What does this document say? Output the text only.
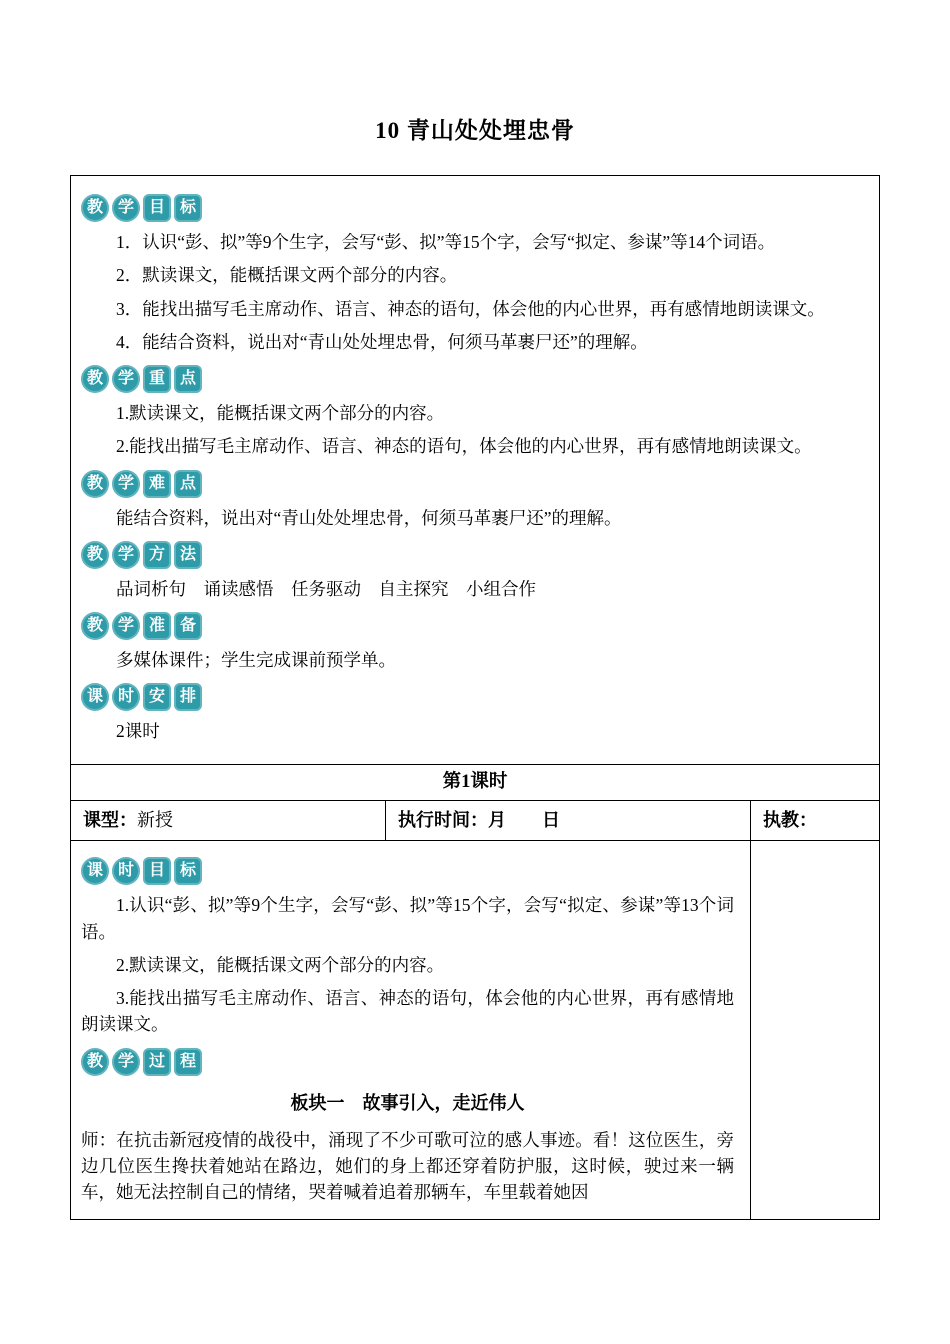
10 青山处处埋忠骨
教 学 目 标

1．认识“彭、拟”等9个生字，会写“彭、拟”等15个字，会写“拟定、参谋”等14个词语。

2．默读课文，能概括课文两个部分的内容。

3．能找出描写毛主席动作、语言、神态的语句，体会他的内心世界，再有感情地朗读课文。

4．能结合资料，说出对“青山处处埋忠骨，何须马革裹尸还”的理解。

教 学 重 点

1.默读课文，能概括课文两个部分的内容。

2.能找出描写毛主席动作、语言、神态的语句，体会他的内心世界，再有感情地朗读课文。

教 学 难 点

能结合资料，说出对“青山处处埋忠骨，何须马革裹尸还”的理解。

教 学 方 法

品词析句　诵读感悟　任务驱动　自主探究　小组合作

教 学 准 备

多媒体课件；学生完成课前预学单。

课 时 安 排

2课时

第1课时
课型：新授	执行时间：月        日	执教：
课 时 目 标

1.认识“彭、拟”等9个生字，会写“彭、拟”等15个字，会写“拟定、参谋”等13个词语。

2.默读课文，能概括课文两个部分的内容。

3.能找出描写毛主席动作、语言、神态的语句，体会他的内心世界，再有感情地朗读课文。

教 学 过 程
板块一　故事引入，走近伟人

师：在抗击新冠疫情的战役中，涌现了不少可歌可泣的感人事迹。看！这位医生，旁边几位医生搀扶着她站在路边，她们的身上都还穿着防护服，这时候，驶过来一辆车，她无法控制自己的情绪，哭着喊着追着那辆车，车里载着她因
